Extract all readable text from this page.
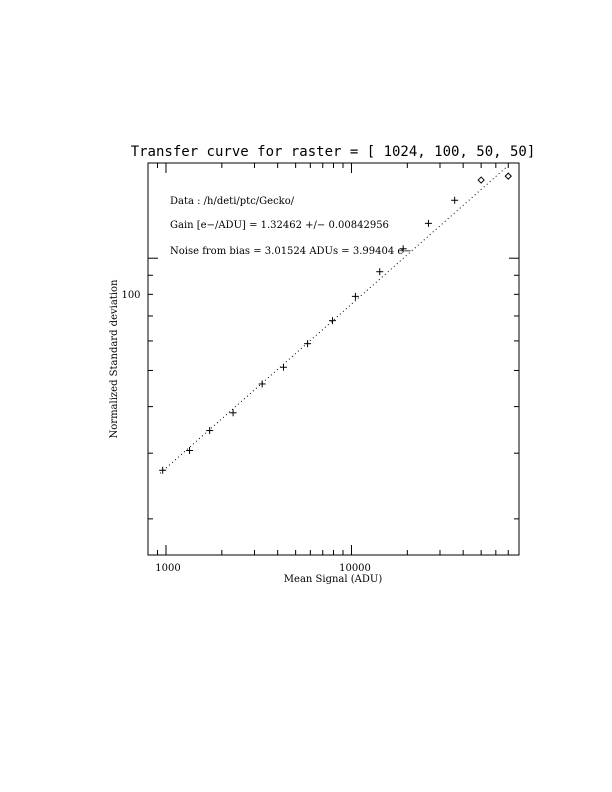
Transfer curve for raster = [ 1024, 100, 50, 50]
1000	10000
100
Mean Signal (ADU)
Normalized Standard deviation
Data : /h/deti/ptc/Gecko/
Gain [e−/ADU] = 1.32462 +/− 0.00842956
Noise from bias = 3.01524 ADUs = 3.99404 e−
